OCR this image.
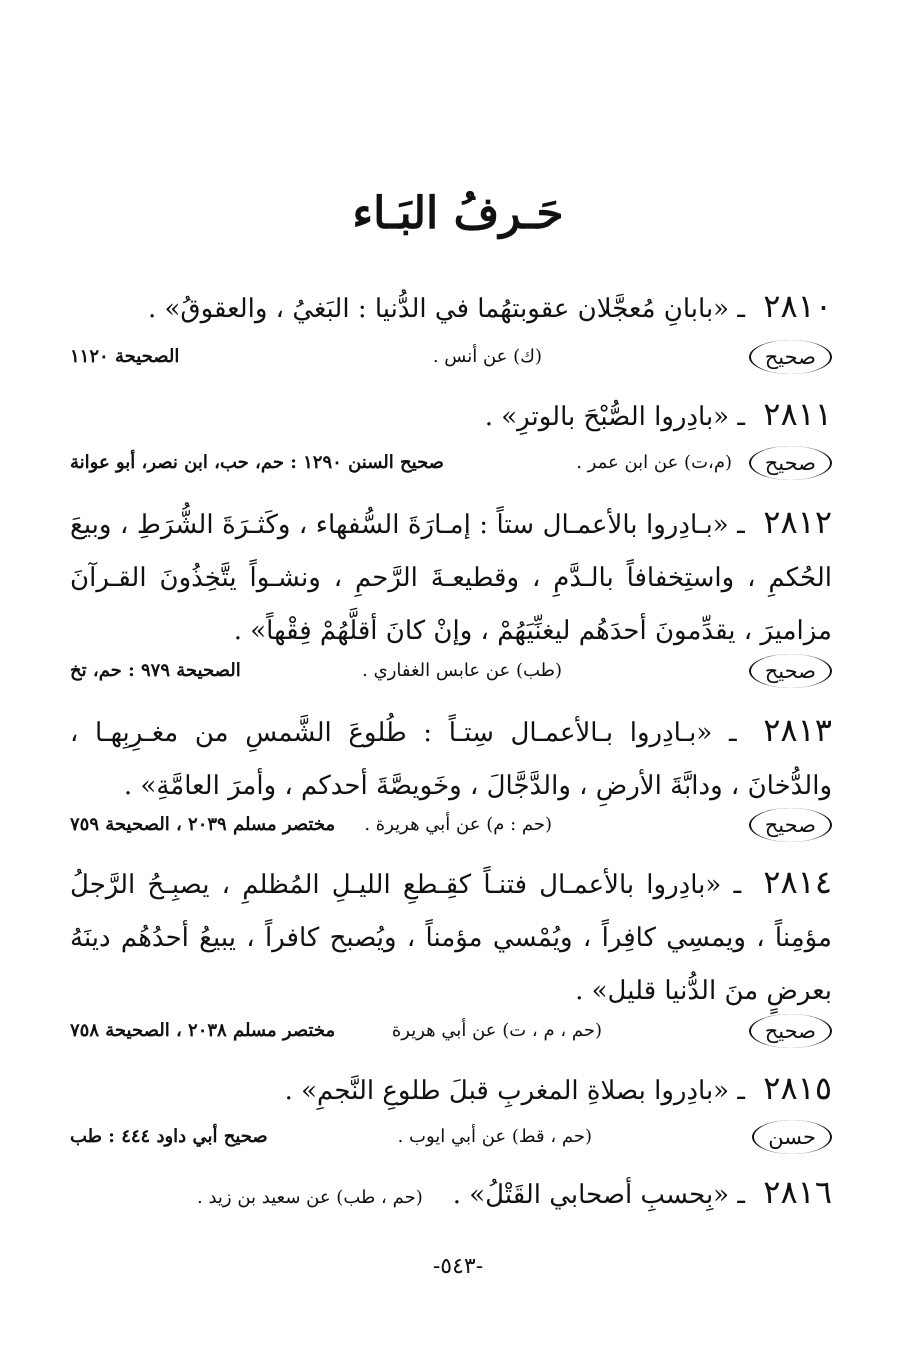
حَـرفُ البَـاء
٢٨١٠ ـ «بابانِ مُعجَّلان عقوبتهُما في الدُّنيا : البَغيُ ، والعقوقُ» .
صحيح
(ك) عن أنس .
الصحيحة ١١٢٠
٢٨١١ ـ «بادِروا الصُّبْحَ بالوترِ» .
صحيح
(م،ت) عن ابن عمر .
صحيح السنن ١٢٩٠ : حم، حب، ابن نصر، أبو عوانة
٢٨١٢ ـ «بـادِروا بالأعمـال ستاً : إمـارَةَ السُّفهاء ، وكَثـرَةَ الشُّرَطِ ، وبيعَ الحُكمِ ، واستِخفافاً بالـدَّمِ ، وقطيعـةَ الرَّحمِ ، ونشـواً يتَّخِذُونَ القـرآنَ مزاميرَ ، يقدِّمونَ أحدَهُم ليغنِّيَهُمْ ، وإنْ كانَ أقلَّهُمْ فِقْهاً» .
صحيح
(طب) عن عابس الغفاري .
الصحيحة ٩٧٩ : حم، تخ
٢٨١٣ ـ «بـادِروا بـالأعمـال سِتـاً : طُلوعَ الشَّمسِ من مغـرِبِهـا ، والدُّخانَ ، ودابَّةَ الأرضِ ، والدَّجَّالَ ، وخَويصَّةَ أحدكم ، وأمرَ العامَّةِ» .
صحيح
(حم : م) عن أبي هريرة .
مختصر مسلم ٢٠٣٩ ، الصحيحة ٧٥٩
٢٨١٤ ـ «بادِروا بالأعمـال فتنـاً كقِـطعِ الليـلِ المُظلمِ ، يصبِـحُ الرَّجلُ مؤمِناً ، ويمسِي كافِراً ، ويُمْسي مؤمناً ، ويُصبح كافراً ، يبيعُ أحدُهُم دينَهُ بعرضٍ منَ الدُّنيا قليل» .
صحيح
(حم ، م ، ت) عن أبي هريرة
مختصر مسلم ٢٠٣٨ ، الصحيحة ٧٥٨
٢٨١٥ ـ «بادِروا بصلاةِ المغربِ قبلَ طلوعِ النَّجمِ» .
حسن
(حم ، قط) عن أبي ايوب .
صحيح أبي داود ٤٤٤ : طب
٢٨١٦ ـ «بِحسبِ أصحابي القَتْلُ» .(حم ، طب) عن سعيد بن زيد .
-٥٤٣-
